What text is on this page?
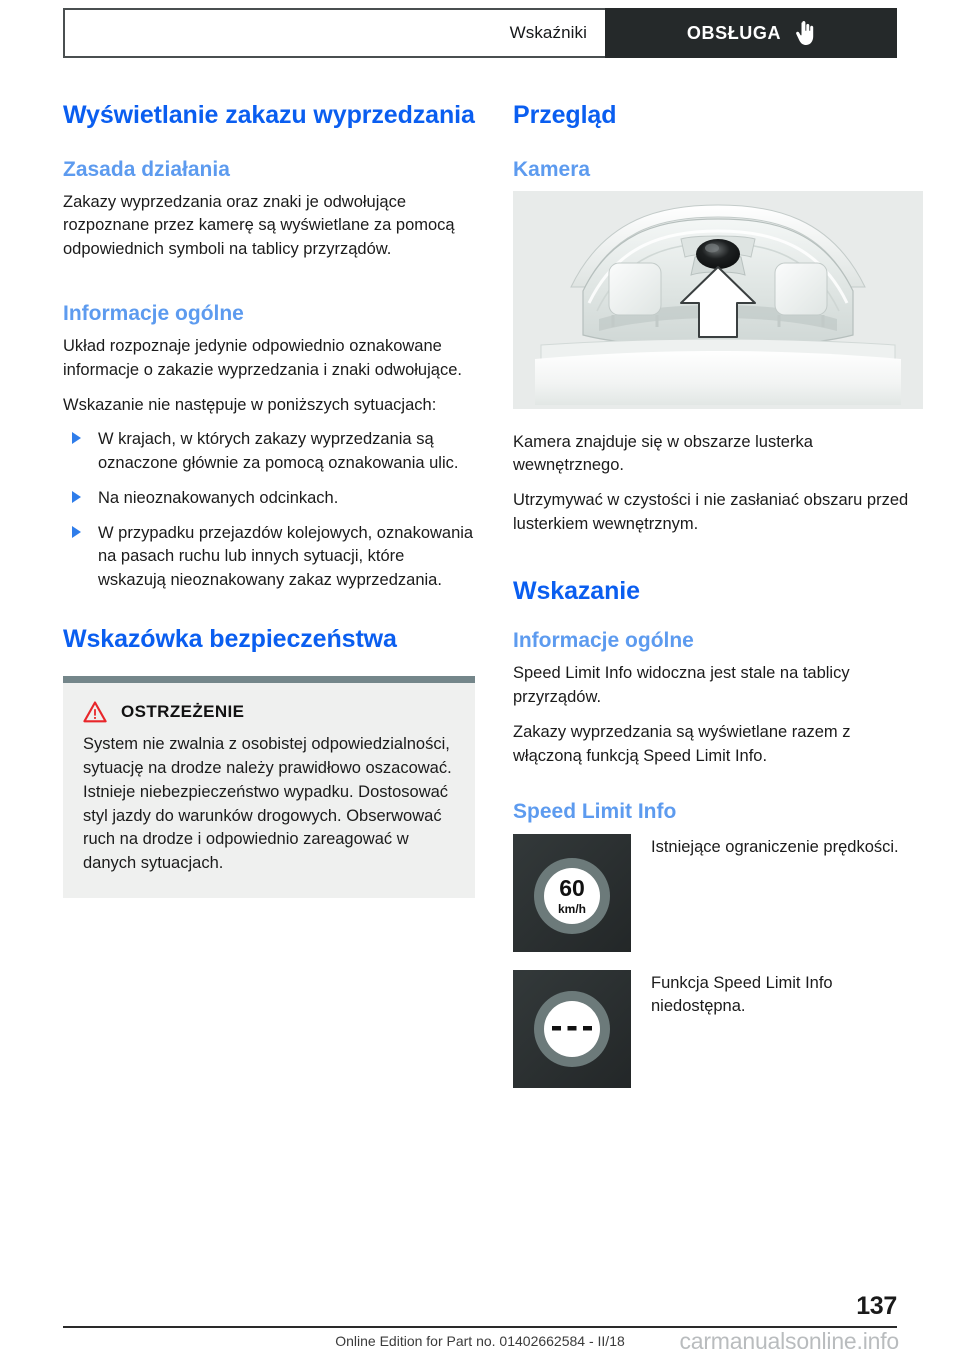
Wskaźniki	OBSŁUGA
Wyświetlanie zakazu wyprzedzania
Zasada działania

Zakazy wyprzedzania oraz znaki je odwołujące rozpoznane przez kamerę są wyświetlane za pomocą odpowiednich symboli na tablicy przyrządów.

Informacje ogólne

Układ rozpoznaje jedynie odpowiednio oznakowane informacje o zakazie wyprzedzania i znaki odwołujące.

Wskazanie nie następuje w poniższych sytuacjach:

W krajach, w których zakazy wyprzedzania są oznaczone głównie za pomocą oznakowania ulic.
Na nieoznakowanych odcinkach.
W przypadku przejazdów kolejowych, oznakowania na pasach ruchu lub innych sytuacji, które wskazują nieoznakowany zakaz wyprzedzania.
Wskazówka bezpieczeństwa
OSTRZEŻENIE

System nie zwalnia z osobistej odpowiedzialności, sytuację na drodze należy prawidłowo oszacować. Istnieje niebezpieczeństwo wypadku. Dostosować styl jazdy do warunków drogowych. Obserwować ruch na drodze i odpowiednio zareagować w danych sytuacjach.

Przegląd
Kamera

Kamera znajduje się w obszarze lusterka wewnętrznego.

Utrzymywać w czystości i nie zasłaniać obszaru przed lusterkiem wewnętrznym.

Wskazanie
Informacje ogólne

Speed Limit Info widoczna jest stale na tablicy przyrządów.

Zakazy wyprzedzania są wyświetlane razem z włączoną funkcją Speed Limit Info.

Speed Limit Info
60
km/h
Istniejące ograniczenie prędkości.
Funkcja Speed Limit Info niedostępna.
137
Online Edition for Part no. 01402662584 - II/18	carmanualsonline.info
